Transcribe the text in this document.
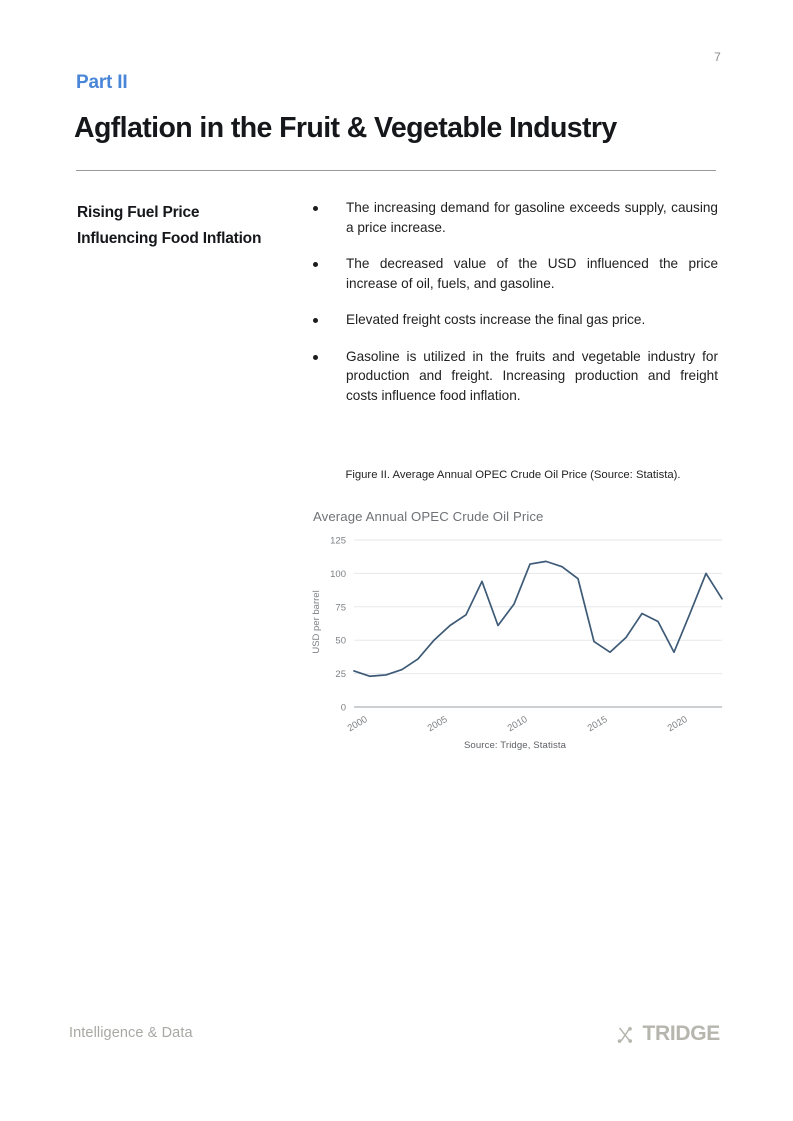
7
Part II
Agflation in the Fruit & Vegetable Industry
Rising Fuel Price Influencing Food Inflation
The increasing demand for gasoline exceeds supply, causing a price increase.
The decreased value of the USD influenced the price increase of oil, fuels, and gasoline.
Elevated freight costs increase the final gas price.
Gasoline is utilized in the fruits and vegetable industry for production and freight. Increasing production and freight costs influence food inflation.
Figure II. Average Annual OPEC Crude Oil Price (Source: Statista).
Average Annual OPEC Crude Oil Price
0
25
50
75
100
125
2000	2005	2010	2015	2020
USD per barrel
Source: Tridge, Statista
Intelligence & Data	TRIDGE
